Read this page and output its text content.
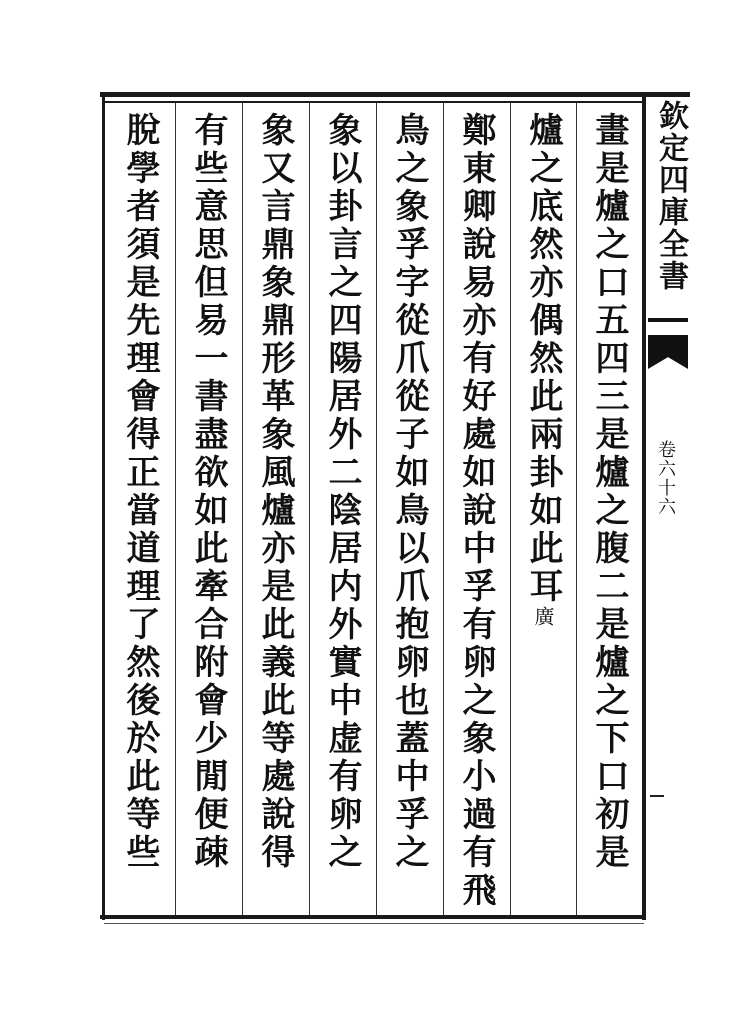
畫是爐之口五四三是爐之腹二是爐之下口初是
爐之底然亦偶然此兩卦如此耳廣
鄭東卿說易亦有好處如說中孚有卵之象小過有飛
鳥之象孚字從爪從子如鳥以爪抱卵也蓋中孚之
象以卦言之四陽居外二陰居内外實中虚有卵之
象又言鼎象鼎形革象風爐亦是此義此等處說得
有些意思但易一書盡欲如此牽合附會少閒便疎
脫學者須是先理會得正當道理了然後於此等些	欽定四庫全書
卷六十六
